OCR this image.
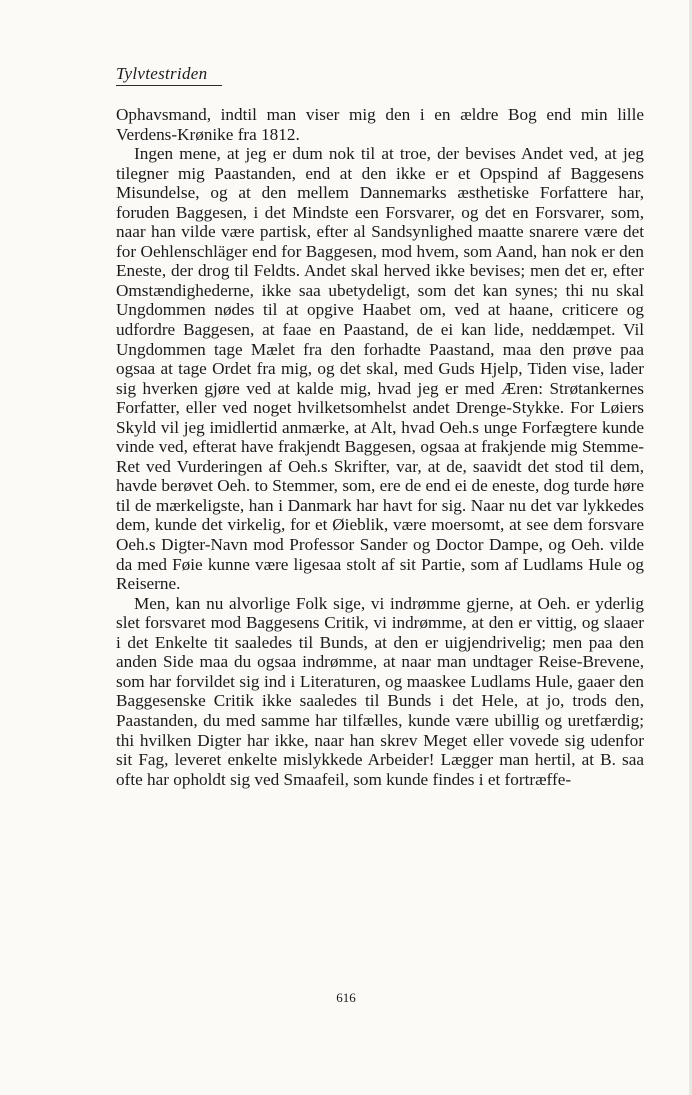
Tylvtestriden

Ophavsmand, indtil man viser mig den i en ældre Bog end min lille Verdens-Krønike fra 1812.

Ingen mene, at jeg er dum nok til at troe, der bevises Andet ved, at jeg tilegner mig Paastanden, end at den ikke er et Opspind af Baggesens Misundelse, og at den mellem Dannemarks æsthetiske Forfattere har, foruden Baggesen, i det Mindste een Forsvarer, og det en Forsvarer, som, naar han vilde være partisk, efter al Sandsynlighed maatte snarere være det for Oehlenschläger end for Baggesen, mod hvem, som Aand, han nok er den Eneste, der drog til Feldts. Andet skal herved ikke bevises; men det er, efter Omstændighederne, ikke saa ubetydeligt, som det kan synes; thi nu skal Ungdommen nødes til at opgive Haabet om, ved at haane, criticere og udfordre Baggesen, at faae en Paastand, de ei kan lide, neddæmpet. Vil Ungdommen tage Mælet fra den forhadte Paastand, maa den prøve paa ogsaa at tage Ordet fra mig, og det skal, med Guds Hjelp, Tiden vise, lader sig hverken gjøre ved at kalde mig, hvad jeg er med Æren: Strøtankernes Forfatter, eller ved noget hvilketsomhelst andet Drenge-Stykke. For Løiers Skyld vil jeg imidlertid anmærke, at Alt, hvad Oeh.s unge Forfægtere kunde vinde ved, efterat have frakjendt Baggesen, ogsaa at frakjende mig Stemme-Ret ved Vurderingen af Oeh.s Skrifter, var, at de, saavidt det stod til dem, havde berøvet Oeh. to Stemmer, som, ere de end ei de eneste, dog turde høre til de mærkeligste, han i Danmark har havt for sig. Naar nu det var lykkedes dem, kunde det virkelig, for et Øieblik, være moersomt, at see dem forsvare Oeh.s Digter-Navn mod Professor Sander og Doctor Dampe, og Oeh. vilde da med Føie kunne være ligesaa stolt af sit Partie, som af Ludlams Hule og Reiserne.

Men, kan nu alvorlige Folk sige, vi indrømme gjerne, at Oeh. er yderlig slet forsvaret mod Baggesens Critik, vi indrømme, at den er vittig, og slaaer i det Enkelte tit saaledes til Bunds, at den er uigjendrivelig; men paa den anden Side maa du ogsaa indrømme, at naar man undtager Reise-Brevene, som har forvildet sig ind i Literaturen, og maaskee Ludlams Hule, gaaer den Baggesenske Critik ikke saaledes til Bunds i det Hele, at jo, trods den, Paastanden, du med samme har tilfælles, kunde være ubillig og uretfærdig; thi hvilken Digter har ikke, naar han skrev Meget eller vovede sig udenfor sit Fag, leveret enkelte mislykkede Arbeider! Lægger man hertil, at B. saa ofte har opholdt sig ved Smaafeil, som kunde findes i et fortræffe-

616
